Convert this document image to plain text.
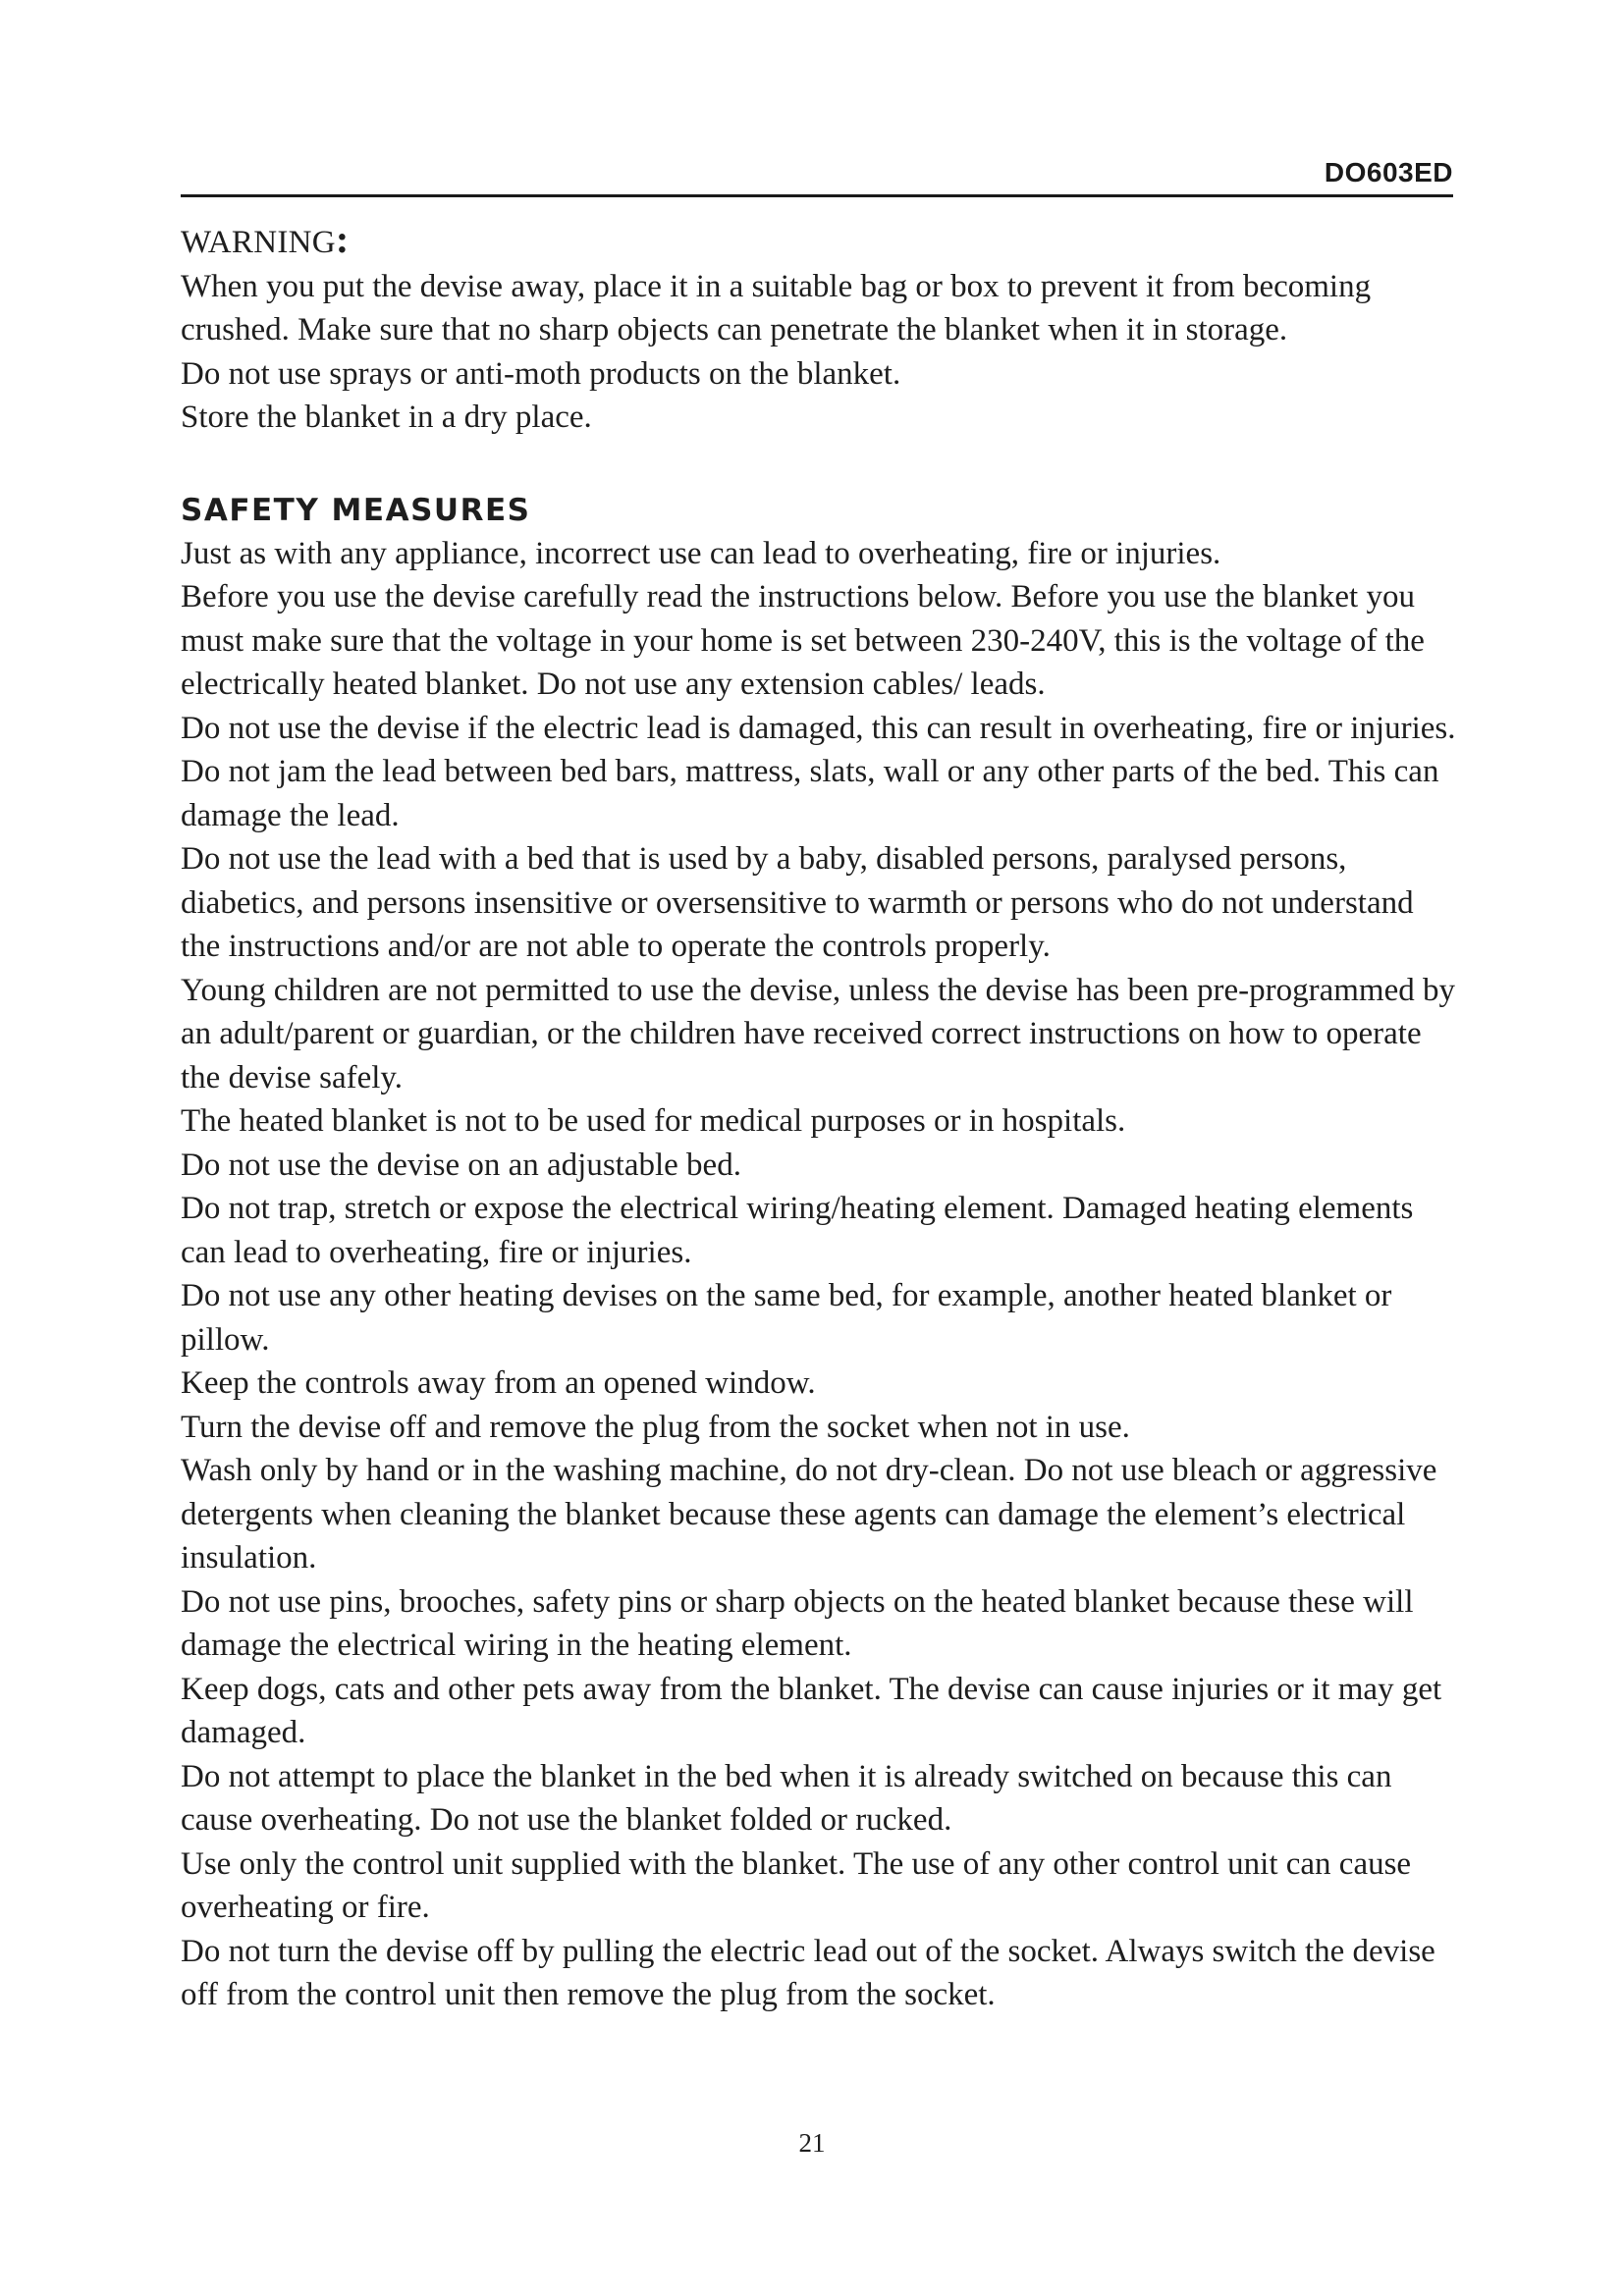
DO603ED
WARNING:

When you put the devise away, place it in a suitable bag or box to prevent it from becoming crushed. Make sure that no sharp objects can penetrate the blanket when it in storage.

Do not use sprays or anti-moth products on the blanket.

Store the blanket in a dry place.

SAFETY MEASURES

Just as with any appliance, incorrect use can lead to overheating, fire or injuries.

Before you use the devise carefully read the instructions below. Before you use the blanket you must make sure that the voltage in your home is set between 230-240V, this is the voltage of the electrically heated blanket. Do not use any extension cables/ leads.

Do not use the devise if the electric lead is damaged, this can result in overheating, fire or injuries. Do not jam the lead between bed bars, mattress, slats, wall or any other parts of the bed. This can damage the lead.

Do not use the lead with a bed that is used by a baby, disabled persons, paralysed persons, diabetics, and persons insensitive or oversensitive to warmth or persons who do not understand the instructions and/or are not able to operate the controls properly.

Young children are not permitted to use the devise, unless the devise has been pre-programmed by an adult/parent or guardian, or the children have received correct instructions on how to operate the devise safely.

The heated blanket is not to be used for medical purposes or in hospitals.

Do not use the devise on an adjustable bed.

Do not trap, stretch or expose the electrical wiring/heating element. Damaged heating elements can lead to overheating, fire or injuries.

Do not use any other heating devises on the same bed, for example, another heated blanket or pillow.

Keep the controls away from an opened window.

Turn the devise off and remove the plug from the socket when not in use.

Wash only by hand or in the washing machine, do not dry-clean. Do not use bleach or aggressive detergents when cleaning the blanket because these agents can damage the element’s electrical insulation.

Do not use pins, brooches, safety pins or sharp objects on the heated blanket because these will damage the electrical wiring in the heating element.

Keep dogs, cats and other pets away from the blanket. The devise can cause injuries or it may get damaged.

Do not attempt to place the blanket in the bed when it is already switched on because this can cause overheating. Do not use the blanket folded or rucked.

Use only the control unit supplied with the blanket. The use of any other control unit can cause overheating or fire.

Do not turn the devise off by pulling the electric lead out of the socket. Always switch the devise off from the control unit then remove the plug from the socket.

21
